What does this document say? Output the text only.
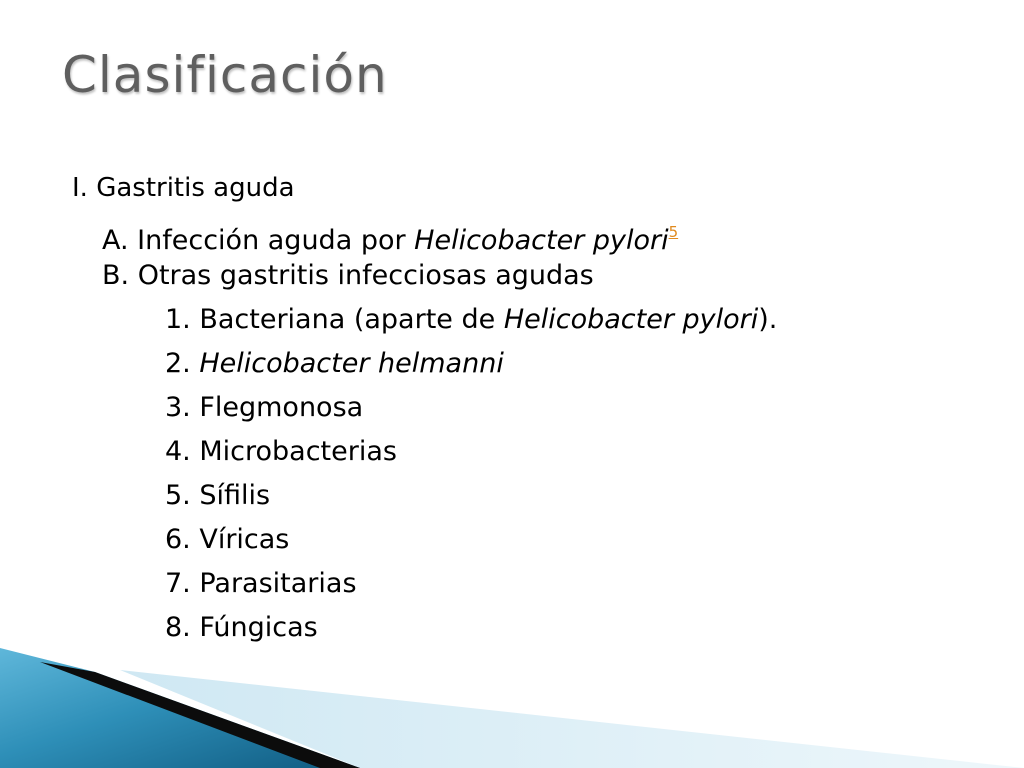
Clasificación
I. Gastritis aguda
A. Infección aguda por Helicobacter pylori$^5$
B. Otras gastritis infecciosas agudas
1. Bacteriana (aparte de Helicobacter pylori).
2. Helicobacter helmanni
3. Flegmonosa
4. Microbacterias
5. Sífilis
6. Víricas
7. Parasitarias
8. Fúngicas
